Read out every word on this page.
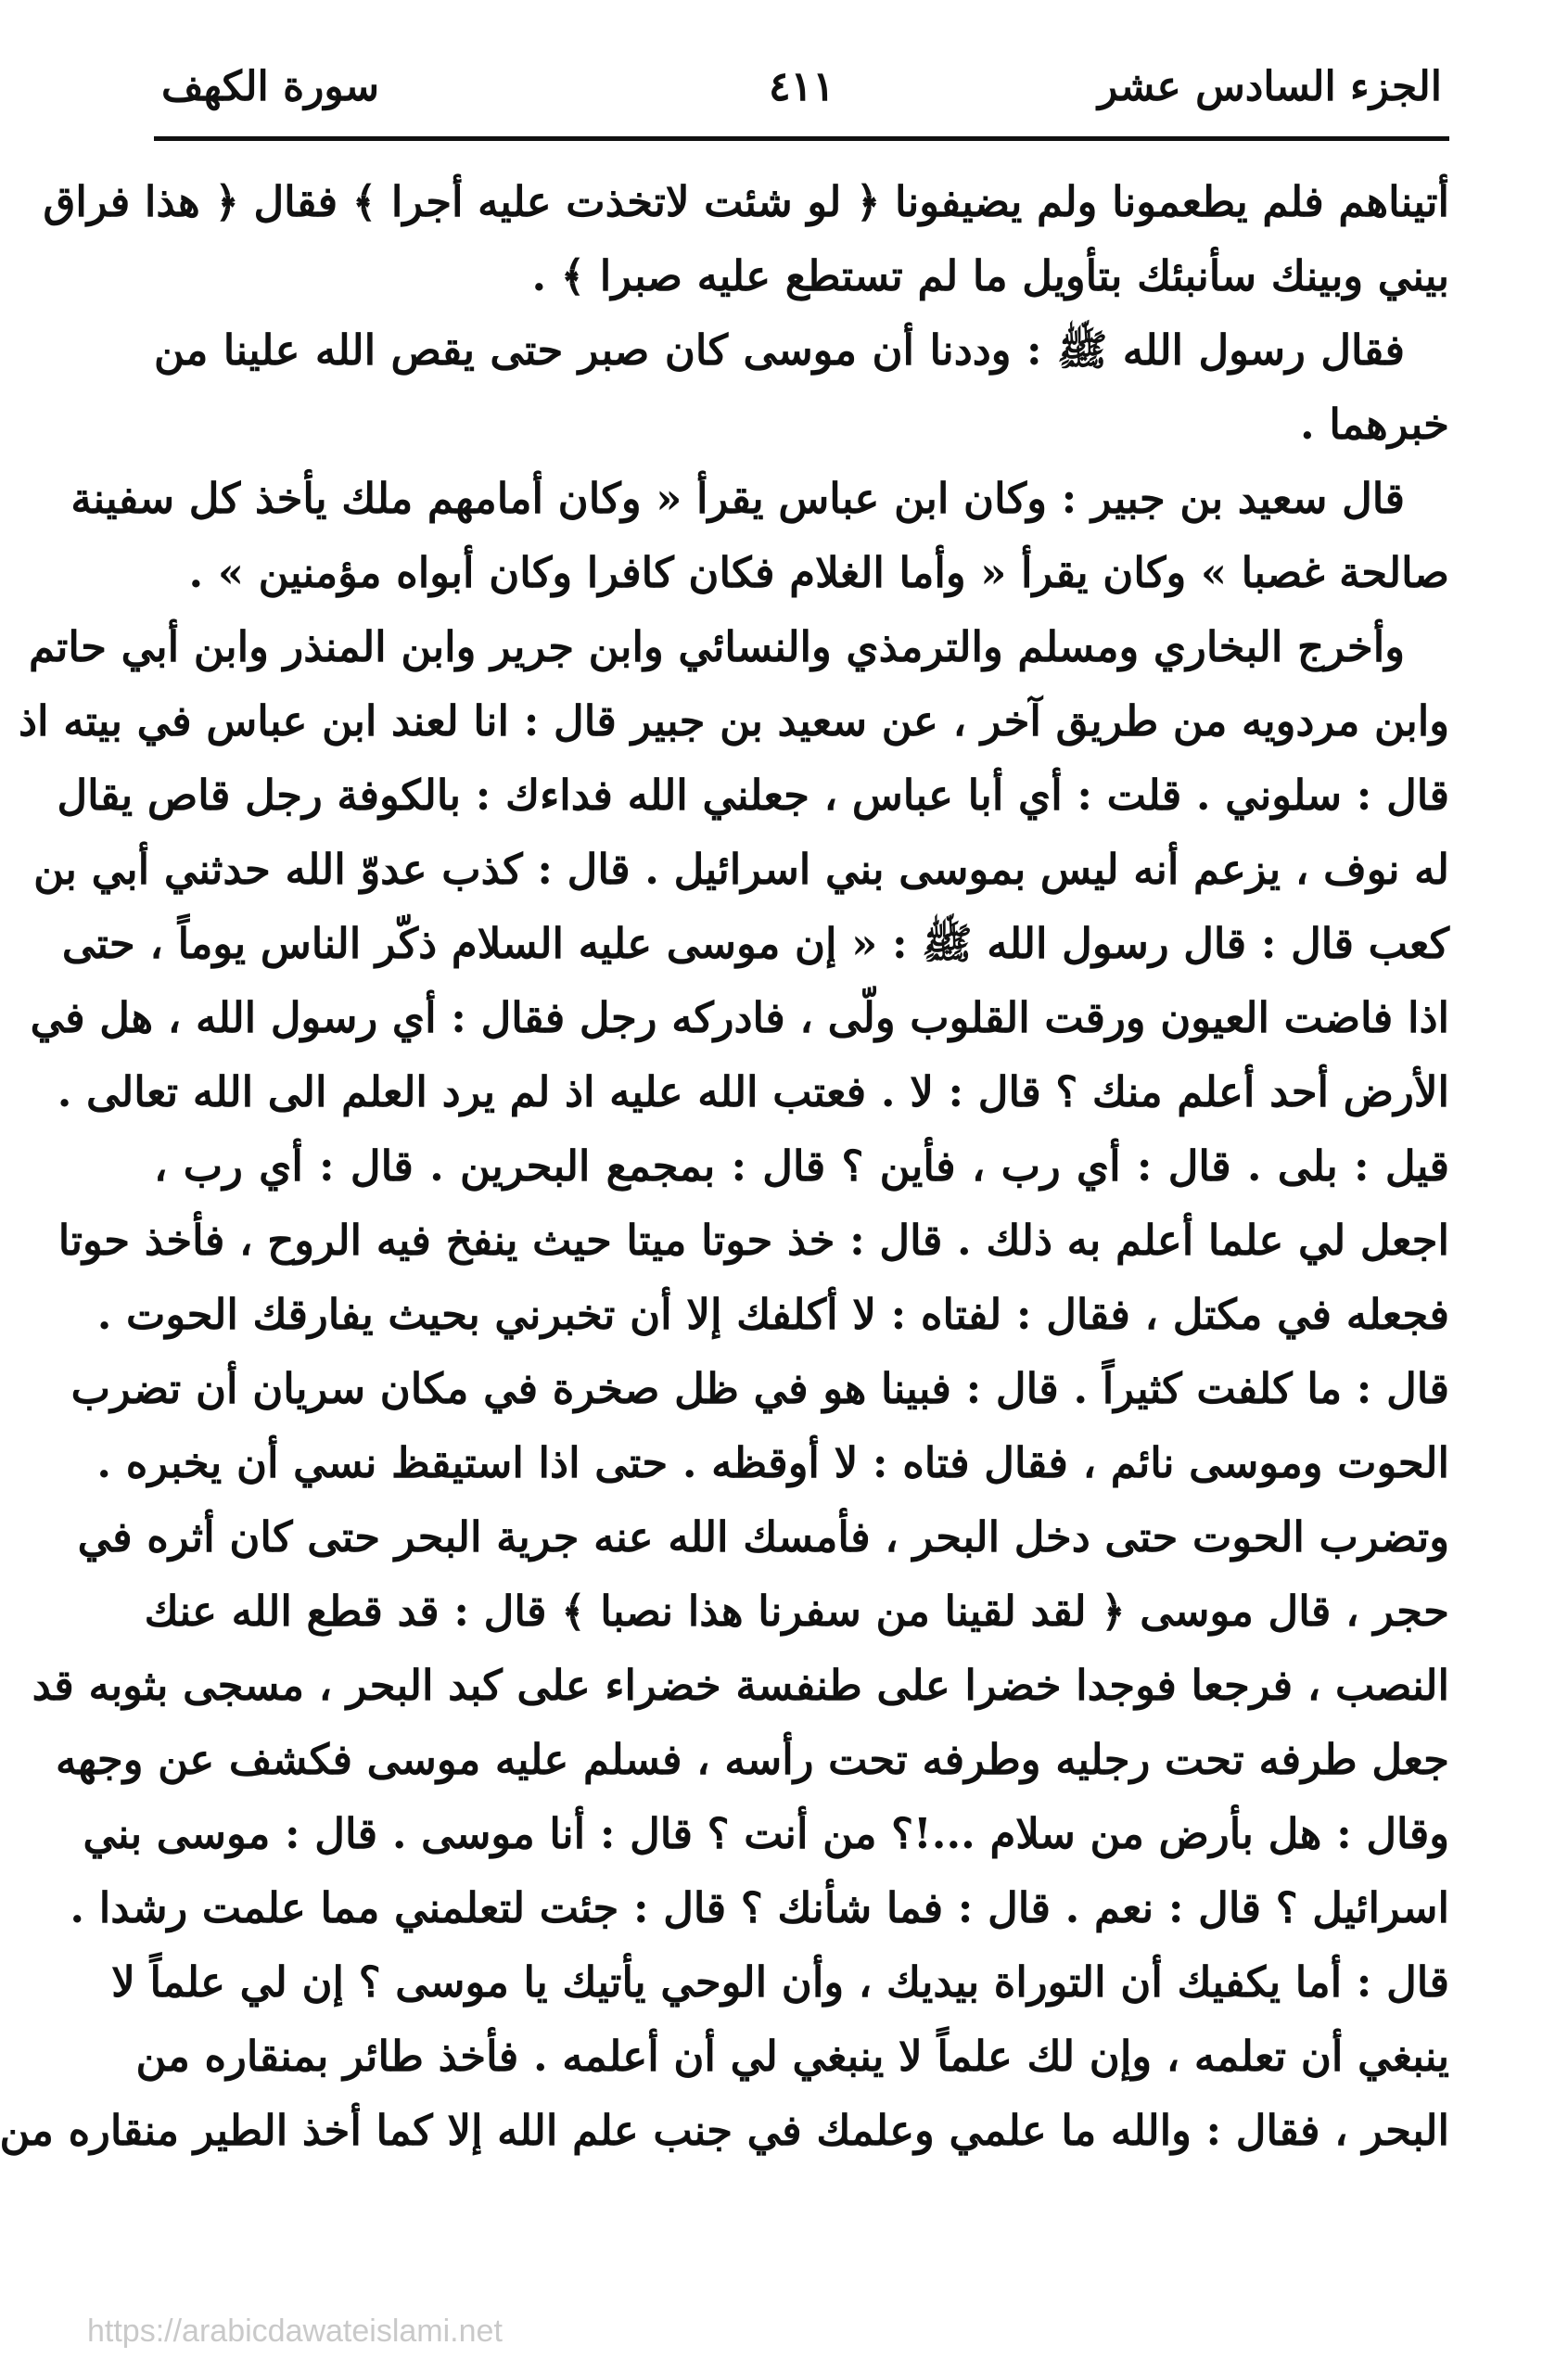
الجزء السادس عشر
٤١١
سورة الكهف
أتيناهم فلم يطعمونا ولم يضيفونا ﴿ لو شئت لاتخذت عليه أجرا ﴾ فقال ﴿ هذا فراق
بيني وبينك سأنبئك بتأويل ما لم تستطع عليه صبرا ﴾ .
فقال رسول الله ﷺ : وددنا أن موسى كان صبر حتى يقص الله علينا من
خبرهما .
قال سعيد بن جبير : وكان ابن عباس يقرأ « وكان أمامهم ملك يأخذ كل سفينة
صالحة غصبا » وكان يقرأ « وأما الغلام فكان كافرا وكان أبواه مؤمنين » .
وأخرج البخاري ومسلم والترمذي والنسائي وابن جرير وابن المنذر وابن أبي حاتم
وابن مردويه من طريق آخر ، عن سعيد بن جبير قال : انا لعند ابن عباس في بيته اذ
قال : سلوني . قلت : أي أبا عباس ، جعلني الله فداءك : بالكوفة رجل قاص يقال
له نوف ، يزعم أنه ليس بموسى بني اسرائيل . قال : كذب عدوّ الله حدثني أبي بن
كعب قال : قال رسول الله ﷺ : « إن موسى عليه السلام ذكّر الناس يوماً ، حتى
اذا فاضت العيون ورقت القلوب ولّى ، فادركه رجل فقال : أي رسول الله ، هل في
الأرض أحد أعلم منك ؟ قال : لا . فعتب الله عليه اذ لم يرد العلم الى الله تعالى .
قيل : بلى . قال : أي رب ، فأين ؟ قال : بمجمع البحرين . قال : أي رب ،
اجعل لي علما أعلم به ذلك . قال : خذ حوتا ميتا حيث ينفخ فيه الروح ، فأخذ حوتا
فجعله في مكتل ، فقال : لفتاه : لا أكلفك إلا أن تخبرني بحيث يفارقك الحوت .
قال : ما كلفت كثيراً . قال : فبينا هو في ظل صخرة في مكان سريان أن تضرب
الحوت وموسى نائم ، فقال فتاه : لا أوقظه . حتى اذا استيقظ نسي أن يخبره .
وتضرب الحوت حتى دخل البحر ، فأمسك الله عنه جرية البحر حتى كان أثره في
حجر ، قال موسى ﴿ لقد لقينا من سفرنا هذا نصبا ﴾ قال : قد قطع الله عنك
النصب ، فرجعا فوجدا خضرا على طنفسة خضراء على كبد البحر ، مسجى بثوبه قد
جعل طرفه تحت رجليه وطرفه تحت رأسه ، فسلم عليه موسى فكشف عن وجهه
وقال : هل بأرض من سلام ...!؟ من أنت ؟ قال : أنا موسى . قال : موسى بني
اسرائيل ؟ قال : نعم . قال : فما شأنك ؟ قال : جئت لتعلمني مما علمت رشدا .
قال : أما يكفيك أن التوراة بيديك ، وأن الوحي يأتيك يا موسى ؟ إن لي علماً لا
ينبغي أن تعلمه ، وإن لك علماً لا ينبغي لي أن أعلمه . فأخذ طائر بمنقاره من
البحر ، فقال : والله ما علمي وعلمك في جنب علم الله إلا كما أخذ الطير منقاره من
https://arabicdawateislami.net
